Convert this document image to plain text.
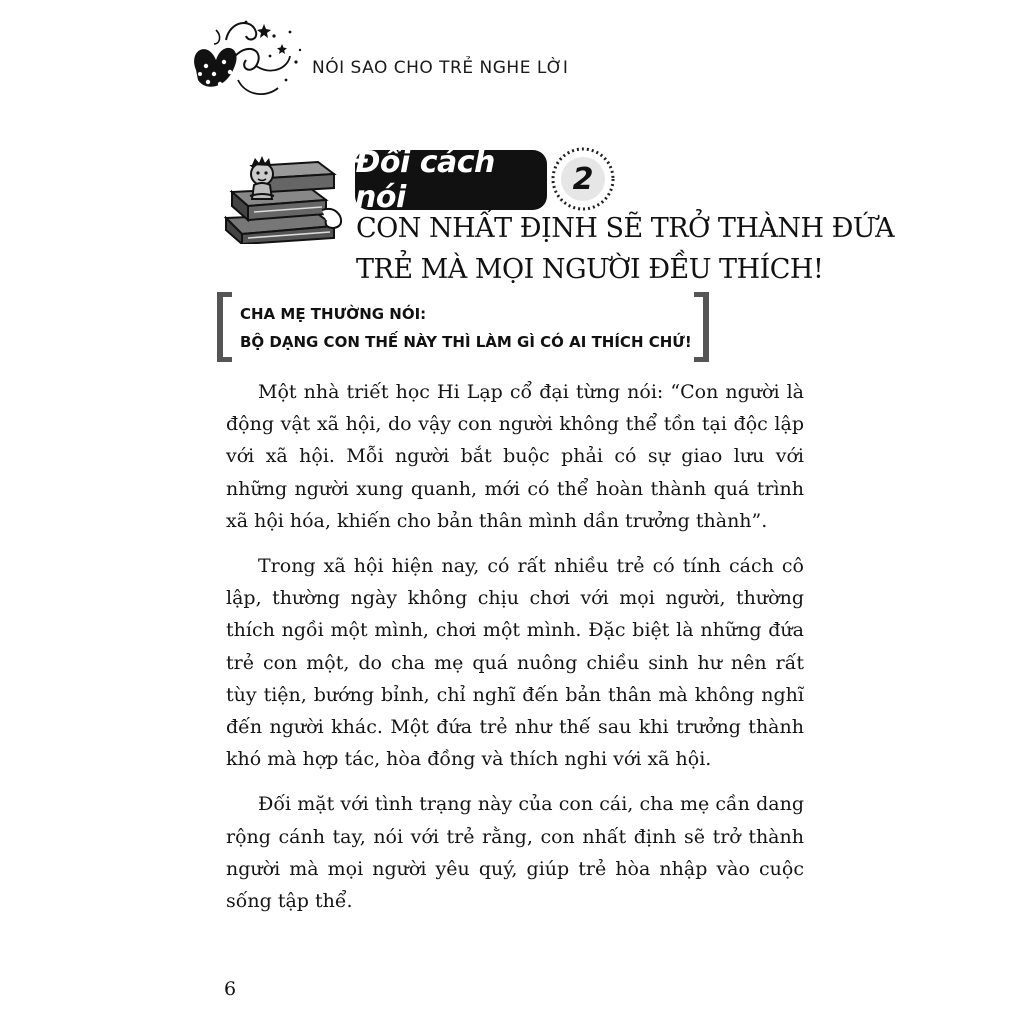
NÓI SAO CHO TRẺ NGHE LỜI
Đổi cách nói
2
CON NHẤT ĐỊNH SẼ TRỞ THÀNH ĐỨA
TRẺ MÀ MỌI NGƯỜI ĐỀU THÍCH!
CHA MẸ THƯỜNG NÓI:
BỘ DẠNG CON THẾ NÀY THÌ LÀM GÌ CÓ AI THÍCH CHỨ!

Một nhà triết học Hi Lạp cổ đại từng nói: “Con người là động vật xã hội, do vậy con người không thể tồn tại độc lập với xã hội. Mỗi người bắt buộc phải có sự giao lưu với những người xung quanh, mới có thể hoàn thành quá trình xã hội hóa, khiến cho bản thân mình dần trưởng thành”.

Trong xã hội hiện nay, có rất nhiều trẻ có tính cách cô lập, thường ngày không chịu chơi với mọi người, thường thích ngồi một mình, chơi một mình. Đặc biệt là những đứa trẻ con một, do cha mẹ quá nuông chiều sinh hư nên rất tùy tiện, bướng bỉnh, chỉ nghĩ đến bản thân mà không nghĩ đến người khác. Một đứa trẻ như thế sau khi trưởng thành khó mà hợp tác, hòa đồng và thích nghi với xã hội.

Đối mặt với tình trạng này của con cái, cha mẹ cần dang rộng cánh tay, nói với trẻ rằng, con nhất định sẽ trở thành người mà mọi người yêu quý, giúp trẻ hòa nhập vào cuộc sống tập thể.

6
